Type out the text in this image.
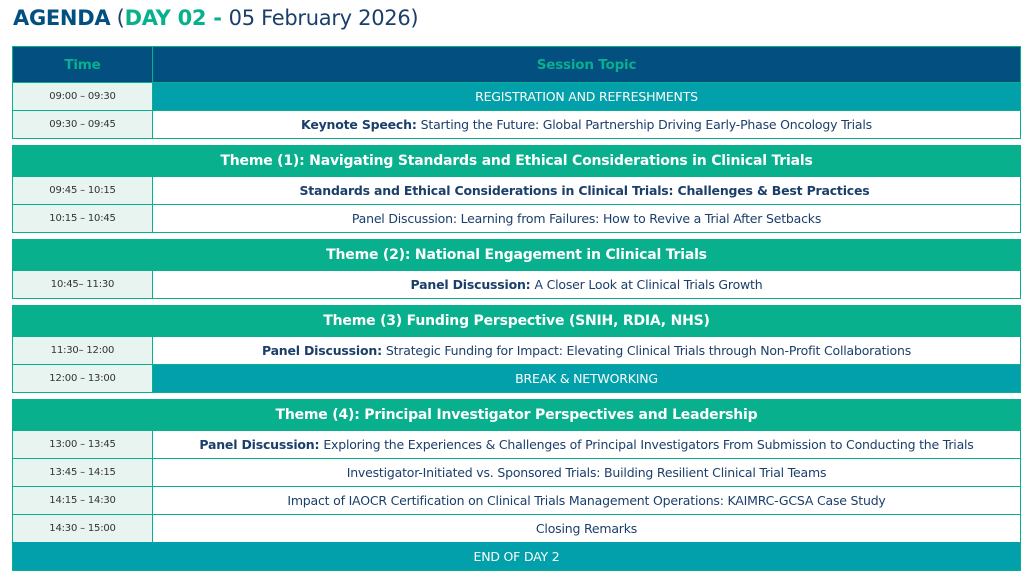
AGENDA (DAY 02 - 05 February 2026)
Time	Session Topic
09:00 – 09:30	REGISTRATION AND REFRESHMENTS
09:30 – 09:45	Keynote Speech: Starting the Future: Global Partnership Driving Early-Phase Oncology Trials
Theme (1): Navigating Standards and Ethical Considerations in Clinical Trials
09:45 – 10:15	Standards and Ethical Considerations in Clinical Trials: Challenges & Best Practices
10:15 – 10:45	Panel Discussion: Learning from Failures: How to Revive a Trial After Setbacks
Theme (2): National Engagement in Clinical Trials
10:45– 11:30	Panel Discussion: A Closer Look at Clinical Trials Growth
Theme (3) Funding Perspective (SNIH, RDIA, NHS)
11:30– 12:00	Panel Discussion: Strategic Funding for Impact: Elevating Clinical Trials through Non-Profit Collaborations
12:00 – 13:00	BREAK & NETWORKING
Theme (4): Principal Investigator Perspectives and Leadership
13:00 – 13:45	Panel Discussion: Exploring the Experiences & Challenges of Principal Investigators From Submission to Conducting the Trials
13:45 – 14:15	Investigator-Initiated vs. Sponsored Trials: Building Resilient Clinical Trial Teams
14:15 – 14:30	Impact of IAOCR Certification on Clinical Trials Management Operations: KAIMRC-GCSA Case Study
14:30 – 15:00	Closing Remarks
END OF DAY 2
